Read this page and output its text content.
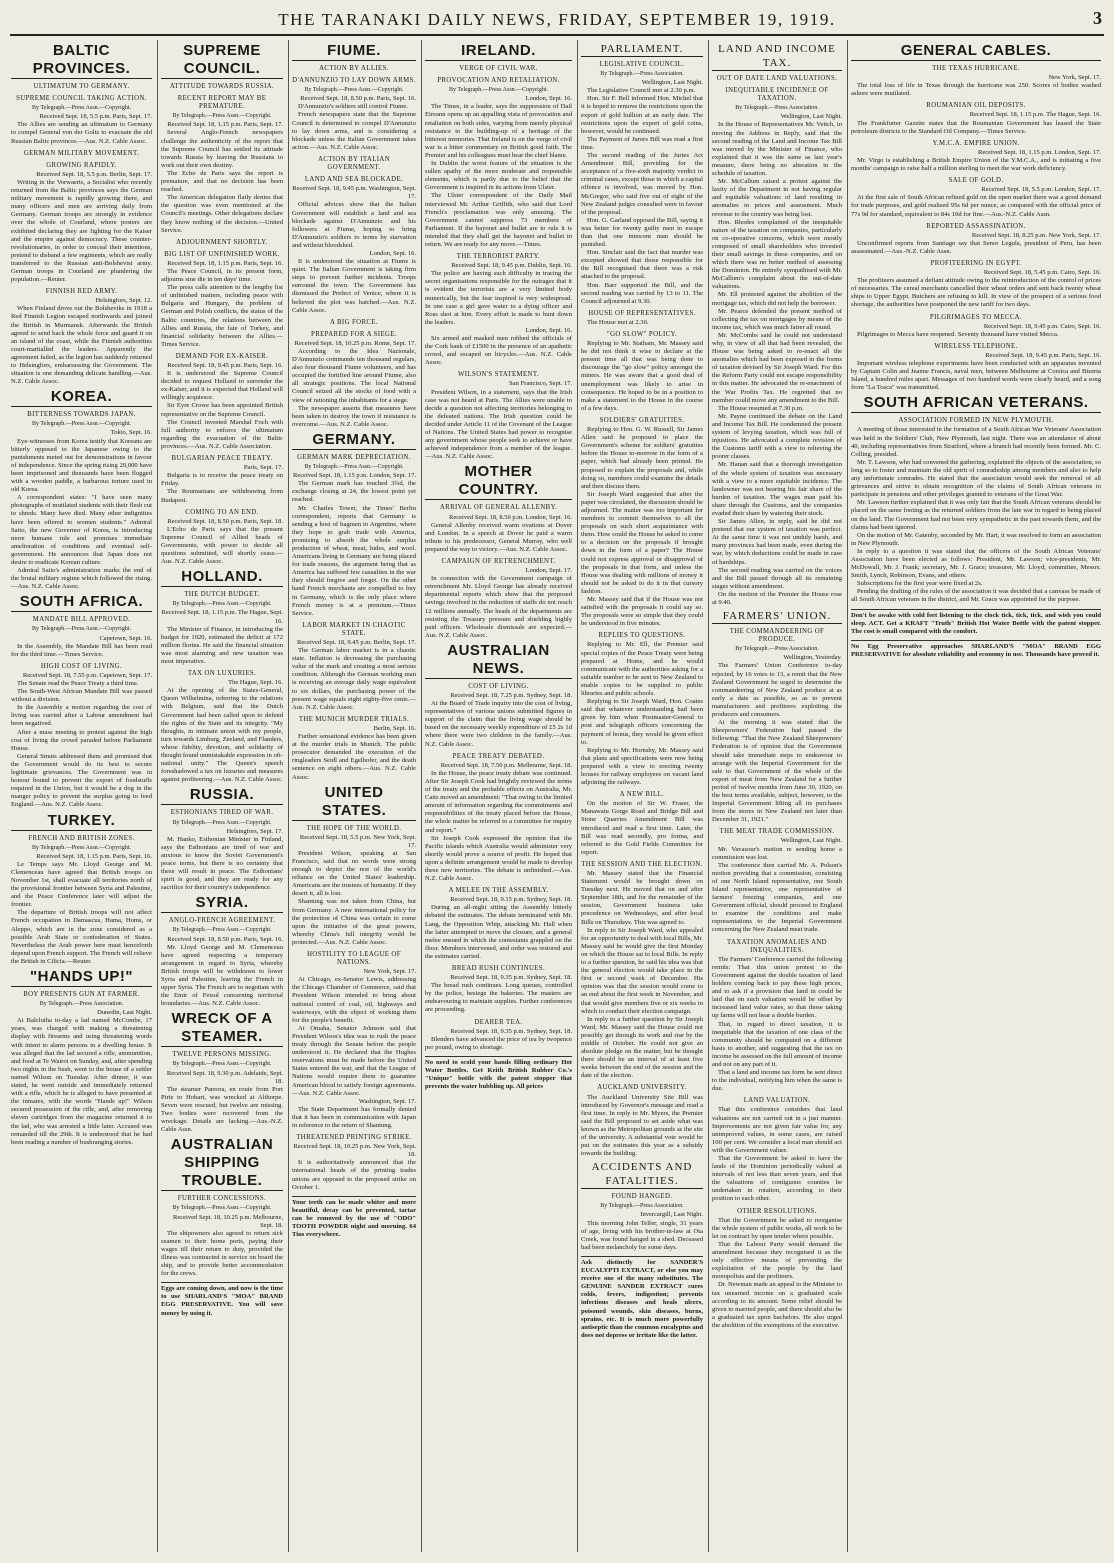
THE TARANAKI DAILY NEWS, FRIDAY, SEPTEMBER 19, 1919.	3
BALTIC PROVINCES.
ULTIMATUM TO GERMANY.
SUPREME COUNCIL TAKING ACTION.
By Telegraph.—Press Assn.—Copyright.
Received Sept. 18, 5.5 p.m. Paris, Sept. 17.

The Allies are sending an ultimatum to Germany to compel General von der Goltz to evacuate the old Russian Baltic provinces.—Aus. N.Z. Cable Assoc.

GERMAN MILITARY MOVEMENT.
GROWING RAPIDLY.
Received Sept. 18, 5.5 p.m. Berlin, Sept. 17.

Writing in the Vorwaerts, a Socialist who recently returned from the Baltic provinces says the German military movement is rapidly growing there, and many officers and men are arriving daily from Germany. German troops are strongly in evidence over the whole of Courland, where posters are exhibited declaring they are fighting for the Kaiser and the empire against democracy. These counter-revolutionaries, in order to conceal their intentions, pretend to disband a few regiments, which are really transferred to the Russian anti-Bolshevist army. German troops in Courland are plundering the population.—Reuter.

FINNISH RED ARMY.
Helsingfors, Sept. 12.

When Finland drove out the Bolsheviks in 1918 a Red Finnish Legion escaped northwards and joined the British in Murmansk. Afterwards the British agreed to send back the whole force and guard it on an island of the coast, while the Finnish authorities court-martialled the leaders. Apparently the agreement failed, as the legion has suddenly returned to Helsingfors, embarrassing the Government. The situation is one demanding delicate handling.—Aus. N.Z. Cable Assoc.

KOREA.
BITTERNESS TOWARDS JAPAN.
By Telegraph.—Press Assn.—Copyright.
Tokio, Sept. 16.

Eye-witnesses from Korea testify that Koreans are bitterly opposed to the Japanese owing to the punishments meted out for demonstrations in favour of independence. Since the spring rising 20,000 have been imprisoned and thousands have been flogged with a wooden paddle, a barbarous torture used in old Korea.

A correspondent states: "I have seen many photographs of mutilated students with their flesh cut to shreds. Many have died. Many other indignities have been offered to women students." Admiral Saito, the new Governor of Korea, is introducing more humane rule and promises immediate amelioration of conditions and eventual self-government. He announces that Japan does not desire to eradicate Korean culture.

Admiral Saito's administration marks the end of the brutal military regime which followed the rising.—Aus. N.Z. Cable Assoc.

SOUTH AFRICA.
MANDATE BILL APPROVED.
By Telegraph.—Press Assn.—Copyright.
Capetown, Sept. 16.

In the Assembly, the Mandate Bill has been read for the third time.—Times Service.

HIGH COST OF LIVING.
Received Sept. 18, 7.55 p.m. Capetown, Sept. 17.

The Senate read the Peace Treaty a third time.

The South-West African Mandate Bill was passed without a division.

In the Assembly a motion regarding the cost of living was carried after a Labour amendment had been negatived.

After a mass meeting to protest against the high cost of living the crowd paraded before Parliament House.

General Smuts addressed them and promised that the Government would do its best to secure legitimate grievances. The Government was in honour bound to prevent the export of foodstuffs required in the Union, but it would be a dog in the manger policy to prevent the surplus going to feed England.—Aus. N.Z. Cable Assoc.

TURKEY.
FRENCH AND BRITISH ZONES.
By Telegraph.—Press Assn.—Copyright.
Received Sept. 18, 1.15 p.m. Paris, Sept. 16.

Le Temps says Mr. Lloyd George and M. Clemenceau have agreed that British troops on November 1st, shall evacuate all territories north of the provisional frontier between Syria and Palestine, and the Peace Conference later will adjust the frontier.

The departure of British troops will not affect French occupation in Damascus, Hama, Homs, or Aleppo, which are in the zone considered as a possible Arab State or confederation of States. Nevertheless the Arab power here must henceforth depend upon French support. The French will relieve the British in Cilicia.—Reuter.

"HANDS UP!"
BOY PRESENTS GUN AT FARMER.
By Telegraph.—Press Association.
Dunedin, Last Night.

At Balclutha to-day a lad named McCombe, 17 years, was charged with making a threatening display with firearms and using threatening words with intent to alarm persons in a dwelling house. It was alleged that the lad secured a rifle, ammunition, and food at Te Wairoi on Sunday, and, after spending two nights in the bush, went to the house of a settler named Wilson on Tuesday. After dinner, it was stated, he went outside and immediately returned with a rifle, which he is alleged to have presented at the inmates, with the words "Hands up!" Wilson secured possession of the rifle, and, after removing eleven cartridges from the magazine returned it to the lad, who was arrested a little later. Accused was remanded till the 29th. It is understood that he had been reading a number of bushranging stories.

SUPREME COUNCIL.
ATTITUDE TOWARDS RUSSIA.
RECENT REPORT MAY BE PREMATURE.
By Telegraph.—Press Assn.—Copyright.
Received Sept. 18, 1.15 p.m. Paris, Sept. 17.

Several Anglo-French newspapers challenge the authenticity of the report that the Supreme Council has settled its attitude towards Russia by leaving the Russians to work out their own destiny.

The Echo de Paris says the report is premature, and that no decision has been reached.

The American delegation flatly denies that the question was even mentioned at the Council's meetings. Other delegations declare they know nothing of the decision.—United Service.

ADJOURNMENT SHORTLY.
BIG LIST OF UNFINISHED WORK.
Received Sept. 18, 1.15 p.m. Paris, Sept. 16.

The Peace Council, in its present form, adjourns sine die in ten days' time.

The press calls attention to the lengthy list of unfinished matters, including peace with Bulgaria and Hungary, the problem of German and Polish conflicts, the status of the Baltic countries, the relations between the Allies and Russia, the fate of Turkey, and financial solidarity between the Allies.—Times Service.

DEMAND FOR EX-KAISER.
Received Sept. 18, 9.45 p.m. Paris, Sept. 16.

It is understood the Supreme Council decided to request Holland to surrender the ex-Kaiser, and it is expected that Holland will willingly acquiesce.

Sir Eyre Crowe has been appointed British representative on the Supreme Council.

The Council invested Marshal Foch with full authority to enforce the ultimatum regarding the evacuation of the Baltic provinces.—Aus. N.Z. Cable Association.

BULGARIAN PEACE TREATY.
Paris, Sept. 17.

Bulgaria is to receive the peace treaty on Friday.

The Roumanians are withdrawing from Budapest.

COMING TO AN END.
Received Sept. 18, 8.50 p.m. Paris, Sept. 18.

L'Echo de Paris says that the present Supreme Council of Allied heads of Governments, with power to decide all questions submitted, will shortly cease.—Aus. N.Z. Cable Assoc.

HOLLAND.
THE DUTCH BUDGET.
By Telegraph.—Press Assn.—Copyright.
Received Sept. 18, 1.15 p.m. The Hague, Sept. 16.

The Minister of Finance, in introducing the budget for 1920, estimated the deficit at 172 million florins. He said the financial situation was most alarming and new taxation was most imperative.

TAX ON LUXURIES.
The Hague, Sept. 16.

At the opening of the States-General, Queen Wilhelmina, referring to the relations with Belgium, said that the Dutch Government had been called upon to defend the rights of the State and its integrity. "My thoughts, in intimate union with my people, turn towards Limburg, Zeeland, and Flanders, whose fidelity, devotion, and solidarity of thought found unmistakable expression in oft-national unity." The Queen's speech foreshadowed a tax on luxuries and measures against profiteering.—Aus. N.Z. Cable Assoc.

RUSSIA.
ESTHONIANS TIRED OF WAR.
By Telegraph.—Press Assn.—Copyright.
Helsingfors, Sept. 17.

M. Hanko, Esthonian Minister in Finland, says the Esthonians are tired of war and anxious to know the Soviet Government's peace terms, but there is no certainty that these will result in peace. The Esthonians' spirit is good, and they are ready for any sacrifice for their country's independence.

SYRIA.
ANGLO-FRENCH AGREEMENT.
By Telegraph.—Press Assn.—Copyright.
Received Sept. 18, 8.50 p.m. Paris, Sept. 16.

Mr. Lloyd George and M. Clemenceau have agreed respecting a temporary arrangement in regard to Syria, whereby British troops will be withdrawn to lower Syria and Palestine, leaving the French in upper Syria. The French are to negotiate with the Emir of Feisul concerning territorial boundaries.—Aus. N.Z. Cable Assoc.

WRECK OF A STEAMER.
TWELVE PERSONS MISSING.
By Telegraph.—Press Assn.—Copyright.
Received Sept. 18, 9.30 p.m. Adelaide, Sept. 18.

The steamer Pareora, en route from Port Pirie to Hobart, was wrecked at Althorpe. Seven were rescued, but twelve are missing. Two bodies were recovered from the wreckage. Details are lacking.—Aus.-N.Z. Cable Assn.

AUSTRALIAN SHIPPING TROUBLE.
FURTHER CONCESSIONS.
By Telegraph.—Press Assn.—Copyright.
Received Sept. 18, 10.25 p.m. Melbourne, Sept. 18.

The shipowners also agreed to return sick seamen to their home ports, paying their wages till their return to duty, provided the illness was contracted in service on board the ship, and to provide better accommodation for the crews.

Eggs are coming down, and now is the time to use SHARLAND'S "MOA" BRAND EGG PRESERVATIVE. You will save money by using it.
FIUME.
ACTION BY ALLIES.
D'ANNUNZIO TO LAY DOWN ARMS.
By Telegraph.—Press Assn.—Copyright.
Received Sept. 18, 8.50 p.m. Paris, Sept. 16.

D'Annunzio's soldiers still control Fiume.

French newspapers state that the Supreme Council is determined to compel D'Annunzio to lay down arms, and is considering a blockade unless the Italian Government takes action.—Aus. N.Z. Cable Assoc.

ACTION BY ITALIAN GOVERNMENT.
LAND AND SEA BLOCKADE.
Received Sept. 18, 9.45 p.m. Washington, Sept. 17.

Official advices show that the Italian Government will establish a land and sea blockade against D'Annunzio and his followers at Fiume, hoping to bring D'Annunzio's soldiers to terms by starvation and without bloodshed.

London, Sept. 16.

It is understood the situation at Fiume is quiet. The Italian Government is taking firm steps to prevent further incidents. Troops surround the town. The Government has dismissed the Prefect of Venice, where it is believed the plot was hatched.—Aus. N.Z. Cable Assoc.

A BIG FORCE.
PREPARED FOR A SIEGE.
Received Sept. 18, 10.25 p.m. Rome, Sept. 17.

According to the Idea Nazionale, D'Annunzio commands ten thousand regulars, also four thousand Fiume volunteers, and has occupied the fortified line around Fiume, also all strategic positions. The local National Council seized all the stocks of food with a view of rationing the inhabitants for a siege.

The newspaper asserts that measures have been taken to destroy the town if resistance is overcome.—Aus. N.Z. Cable Assoc.

GERMANY.
GERMAN MARK DEPRECIATION.
By Telegraph.—Press Assn.—Copyright.
Received Sept. 18, 1.15 p.m. London, Sept. 17.

The German mark has touched 3¾d, the exchange closing at 24, the lowest point yet reached.

Mr. Charles Tower, the Times' Berlin correspondent, reports that Germany is sending a host of bagmen to Argentine, where they hope to grab trade with America, promising to absorb the whole surplus production of wheat, meat, hides, and wool. Americans living in Germany are being placed for trade reasons, the argument being that as America has suffered few casualties in the war they should forgive and forget. On the other hand French merchants are compelled to buy in Germany, which is the only place where French money is at a premium.—Times Service.

LABOR MARKET IN CHAOTIC STATE.
Received Sept. 18, 9.45 p.m. Berlin, Sept. 17.

The German labor market is in a chaotic state. Inflation is decreasing the purchasing value of the mark and creating a most serious condition. Although the German working man is receiving an average daily wage equivalent to six dollars, the purchasing power of the present wage equals eight eighty-five cents.—Aus. N.Z. Cable Assoc.

THE MUNICH MURDER TRIALS.
Berlin, Sept. 16.

Further sensational evidence has been given at the murder trials in Munich. The public prosecutor demanded the execution of the ringleaders Seidl and Egelhofer, and the death sentence on eight others.—Aus. N.Z. Cable Assoc.

UNITED STATES.
THE HOPE OF THE WORLD.
Received Sept. 18, 5.5 p.m. New York, Sept. 17.

President Wilson, speaking at San Francisco, said that no words were strong enough to depict the rest of the world's reliance on the United States' leadership. Americans are the trustees of humanity. If they desert it, all is lost.

Shantung was not taken from China, but from Germany. A new international policy for the protection of China was certain to come upon the initiative of the great powers, whereby China's full integrity would be protected.—Aus. N.Z. Cable Assoc.

HOSTILITY TO LEAGUE OF NATIONS.
New York, Sept. 17.

At Chicago, ex-Senator Lewis, addressing the Chicago Chamber of Commerce, said that President Wilson intended to bring about national control of coal, oil, highways and waterways, with the object of working them for the people's benefit.

At Omaha, Senator Johnson said that President Wilson's idea was to rush the peace treaty through the Senate before the people understood it. He declared that the Hughes reservations must be made before the United States entered the war, and that the League of Nations would require them to guarantee American blood to satisfy foreign agreements.—Aus. N.Z. Cable Assoc.

Washington, Sept. 17.

The State Department has formally denied that it has been in communication with Japan in reference to the return of Shantung.

THREATENED PRINTING STRIKE.
Received Sept. 18, 10.25 p.m. New York, Sept. 18.

It is authoritatively announced that the international heads of the printing trades unions are opposed to the proposed strike on October 1.

Your teeth can be made whiter and more beautiful, decay can be prevented, tartar can be removed by the use of "ODO" TOOTH POWDER night and morning. 64 Tins everywhere.
IRELAND.
VERGE OF CIVIL WAR.
PROVOCATION AND RETALIATION.
By Telegraph.—Press Assn.—Copyright.
London, Sept. 16.

The Times, in a leader, says the suppression of Dail Eireann opens up an appalling vista of provocation and retaliation on both sides, varying from merely physical resistance to the building-up of a heritage of the bitterest memories. That Ireland is on the verge of civil war is a bitter commentary on British good faith. The Premier and his colleagues must bear the chief blame.

In Dublin the worst feature of the situation is the sullen apathy of the more moderate and responsible elements, which is partly due to the belief that the Government is inspired in its actions from Ulster.

The Ulster correspondent of the Daily Mail interviewed Mr. Arthur Griffith, who said that Lord French's proclamation was only amusing. The Government cannot suppress 73 members of Parliament. If the bayonet and bullet are to rule it is intended that they shall get the bayonet and bullet in return. We are ready for any move.—Times.

THE TERRORIST PARTY.
Received Sept. 18, 9.45 p.m. Dublin, Sept. 16.

The police are having such difficulty in tracing the secret organisations responsible for the outrages that it is evident the terrorists are a very limited body numerically, but the fear inspired is very widespread. In one case a girl gave water to a dying officer and Ross shot at him. Every effort is made to hunt down the leaders.

London, Sept. 16.

Six armed and masked men robbed the officials of the Cork bank of £1500 in the presence of an apathetic crowd, and escaped on bicycles.—Aus. N.Z. Cable Assoc.

WILSON'S STATEMENT.
San Francisco, Sept. 17.

President Wilson, in a statement, says that the Irish case was not heard at Paris. The Allies were unable to decide a question not affecting territories belonging to the defeated nations. The Irish question could be decided under Article 11 of the Covenant of the League of Nations. The United States had power to recognise any government whose people seek to achieve or have achieved independence from a member of the league.—Aus. N.Z. Cable Assoc.

MOTHER COUNTRY.
ARRIVAL OF GENERAL ALLENBY.
Received Sept. 18, 8.50 p.m. London, Sept. 16.

General Allenby received warm ovations at Dover and London. In a speech at Dover he paid a warm tribute to his predecessor, General Murray, who well prepared the way to victory.—Aus. N.Z. Cable Assoc.

CAMPAIGN OF RETRENCHMENT.
London, Sept. 17.

In connection with the Government campaign of retrenchment Mr. Lloyd George has already received departmental reports which show that the proposed savings involved in the reduction of staffs do not reach 12 millions annually. The heads of the departments are resisting the Treasury pressure and shielding highly paid officers. Wholesale dismissals are expected.—Aus. N.Z. Cable Assoc.

AUSTRALIAN NEWS.
COST OF LIVING.
Received Sept. 18, 7.25 p.m. Sydney, Sept. 18.

At the Board of Trade inquiry into the cost of living, representatives of various unions submitted figures in support of the claim that the living wage should be based on the necessary weekly expenditure of £5 2s 1d where there were two children in the family.—Aus. N.Z. Cable Assoc.

PEACE TREATY DEBATED.
Received Sept. 18, 7.50 p.m. Melbourne, Sept. 18.

In the House, the peace treaty debate was continued. After Sir Joseph Cook had brightly reviewed the terms of the treaty and the probable effects on Australia, Mr. Catts moved an amendment: "That owing to the limited amount of information regarding the commitments and responsibilities of the treaty placed before the House, the whole matter be referred to a committee for inquiry and report."

Sir Joseph Cook expressed the opinion that the Pacific islands which Australia would administer very shortly would prove a source of profit. He hoped that upon a definite arrangement would be made to develop these new territories. The debate is unfinished.—Aus. N.Z. Cable Assoc.

A MELEE IN THE ASSEMBLY.
Received Sept. 18, 9.15 p.m. Sydney, Sept. 18.

During an all-night sitting the Assembly bitterly debated the estimates. The debate terminated with Mr. Lang, the Opposition Whip, attacking Mr. Hall when the latter attempted to move the closure, and a general melee ensued in which the contestants grappled on the floor. Members intervened, and order was restored and the estimates carried.

BREAD RUSH CONTINUES.
Received Sept. 18, 9.35 p.m. Sydney, Sept. 18.

The bread rush continues. Long queues, controlled by the police, besiege the bakeries. The masters are endeavouring to maintain supplies. Further conferences are proceeding.

DEARER TEA.
Received Sept. 18, 9.35 p.m. Sydney, Sept. 18.

Blenders have advanced the price of tea by twopence per pound, owing to shortage.

No need to scold your hands filling ordinary Hot Water Bottles. Get Keith British Rubber Co.'s "Unique" bottle with the patent stopper that prevents the water bubbling up. All prices
PARLIAMENT.
LEGISLATIVE COUNCIL.
By Telegraph.—Press Association.
Wellington, Last Night.

The Legislative Council met at 2.30 p.m.

Hon. Sir F. Bell informed Hon. Michel that it is hoped to remove the restrictions upon the export of gold bullion at an early date. The restrictions upon the export of gold coins, however, would be continued.

The Payment of Jurors Bill was read a first time.

The second reading of the Juries Act Amendment Bill, providing for the acceptance of a five-sixth majority verdict in criminal cases, except those in which a capital offence is involved, was moved by Hon. McGregor, who said five out of eight of the New Zealand judges consulted were in favour of the proposal.

Hon. G. Garland opposed the Bill, saying it was better for twenty guilty men to escape than that one innocent man should be punished.

Hon. Sinclair said the fact that murder was excepted showed that those responsible for the Bill recognised that there was a risk attached to the proposal.

Hon. Barr supported the Bill, and the second reading was carried by 13 to 11. The Council adjourned at 9.30.

HOUSE OF REPRESENTATIVES.

The House met at 2.30.

"GO SLOW" POLICY.

Replying to Mr. Statham, Mr. Massey said he did not think it wise to declare at the present time all that was being done to discourage the "go slow" policy amongst the miners. He was aware that a good deal of unemployment was likely to arise in consequence. He hoped to be in a position to make a statement to the House in the course of a few days.

SOLDIERS' GRATUITIES.

Replying to Hon. G. W. Russell, Sir James Allen said he proposed to place the Government's scheme for soldiers' gratuities before the House to-morrow in the form of a paper, which had already been printed. He proposed to explain the proposals and, while doing so, members could examine the details and then discuss them.

Sir Joseph Ward suggested that after the paper was circulated, the discussion should be adjourned. The matter was too important for members to commit themselves to all the proposals on such short acquaintance with them. How could the House be asked to come to a decision on the proposals if brought down in the form of a paper? The House could not express approval or disapproval of the proposals in that form, and unless the House was dealing with millions of money it should not be asked to do it in that cursory fashion.

Mr. Massey said that if the House was not satisfied with the proposals it could say so. The proposals were so simple that they could be understood in five minutes.

REPLIES TO QUESTIONS.

Replying to Mr. Ell, the Premier said special copies of the Peace Treaty were being prepared at Home, and he would communicate with the authorities asking for a suitable number to be sent to New Zealand to enable copies to be supplied to public libraries and public schools.

Replying to Sir Joseph Ward, Hon. Coates said that whatever understanding had been given by him when Postmaster-General to post and telegraph officers concerning the payment of bonus, they would be given effect to.

Replying to Mr. Hornsby, Mr. Massey said that plans and specifications were now being prepared with a view to erecting twenty houses for railway employees on vacant land adjoining the railways.

A NEW BILL.

On the motion of Sir W. Fraser, the Manawatu Gorge Road and Bridge Bill and Stone Quarries Amendment Bill was introduced and read a first time. Later, the Bill was read secondly, pro forma, and referred to the Gold Fields Committee for report.

THE SESSION AND THE ELECTION.

Mr. Massey stated that the Financial Statement would be brought down on Tuesday next. He moved that on and after September 18th, and for the remainder of the session, Government business take precedence on Wednesdays, and after local Bills on Thursdays. This was agreed to.

In reply to Sir Joseph Ward, who appealed for an opportunity to deal with local Bills, Mr. Massey said he would give the first Monday on which the House sat to local Bills. In reply to a further question, he said his idea was that the general election would take place in the first or second week of December. His opinion was that the session would come to an end about the first week in November, and that would give members five or six weeks in which to conduct their election campaign.

In reply to a further question by Sir Joseph Ward, Mr. Massey said the House could not possibly get through its work and rise by the middle of October. He could not give an absolute pledge on the matter, but he thought there should be an interval of at least five weeks between the end of the session and the date of the election.

AUCKLAND UNIVERSITY.

The Auckland University Site Bill was introduced by Governor's message and read a first time. In reply to Mr. Myers, the Premier said the Bill proposed to set aside what was known as the Metropolitan grounds as the site of the university. A substantial vote would be put on the estimates this year as a subsidy towards the building.

ACCIDENTS AND FATALITIES.
FOUND HANGED.
By Telegraph.—Press Association.
Invercargill, Last Night.

This morning John Telfer, single, 31 years of age, living with his brother-in-law at Ota Creek, was found hanged in a shed. Deceased had been melancholy for some days.

Ask distinctly for SANDER'S EUCALYPTI EXTRACT, or else you may receive one of the many substitutes. The GENUINE SANDER EXTRACT cures colds, fevers, indigestion; prevents infectious diseases and heals ulcers, poisoned wounds, skin diseases, burns, sprains, etc. It is much more powerfully antiseptic than the common eucalyptus and does not depress or irritate like the latter.
LAND AND INCOME TAX.
OUT OF DATE LAND VALUATIONS.
INEQUITABLE INCIDENCE OF TAXATION.
By Telegraph.—Press Association.
Wellington, Last Night.

In the House of Representatives Mr. Veitch, in moving the Address in Reply, said that the second reading of the Land and Income Tax Bill was moved by the Minister of Finance, who explained that it was the same as last year's measure, there being no alteration in the schedule of taxation.

Mr. McCallum raised a protest against the laxity of the Department in not having regular and equitable valuations of land resulting in anomalies in prices and assessment. Much revenue to the country was being lost.

Hon. Rhodes complained of the inequitable nature of the taxation on companies, particularly on co-operative concerns, which were mostly composed of small shareholders who invested their small savings in these companies, and on which there was no better method of assessing the Dominion. He entirely sympathised with Mr. McCallum's complaint about the out-of-date valuations.

Mr. Ell protested against the abolition of the mortgage tax, which did not help the borrower.

Mr. Pearce defended the present method of collecting the tax on mortgages by means of the income tax, which was much fairer all round.

Mr. McCombs said he could not understand why, in view of all that had been revealed, the House was being asked to re-enact all the anomalies which had been exposed in the forms of taxation devised by Sir Joseph Ward. For this the Reform Party could not escape responsibility in this matter. He advocated the re-enactment of the War Profits Tax. He regretted that no member could move any amendment to the Bill.

The House resumed at 7.30 p.m.

Mr. Payne continued the debate on the Land and Income Tax Bill. He condemned the present system of levying taxation, which was full of injustices. He advocated a complete revision of the Customs tariff with a view to relieving the poorer classes.

Mr. Hanan said that a thorough investigation of the whole system of taxation was necessary with a view to a more equitable incidence. The landowner was not bearing his fair share of the burden of taxation. The wages man paid his share through the Customs, and the companies evaded their share by watering their stock.

Sir James Allen, in reply, said he did not pretend that our system of taxation was perfect. At the same time it was not unduly harsh, and many provinces had been made, even during the war, by which deductions could be made in case of hardships.

The second reading was carried on the voices and the Bill passed through all its remaining stages without amendment.

On the motion of the Premier the House rose at 9.40.

FARMERS' UNION.
THE COMMANDEERING OF PRODUCE.
By Telegraph.—Press Association.
Wellington, Yesterday.

The Farmers' Union Conference to-day rejected, by 16 votes to 13, a remit that the New Zealand Government be urged to determine the commandeering of New Zealand produce at as early a date as possible, so as to prevent manufacturers and profiteers exploiting the producers and consumers.

At the morning it was stated that the Sheepowners' Federation had passed the following: "That the New Zealand Sheepowners' Federation is of opinion that the Government should take immediate steps to endeavour to arrange with the Imperial Government for the sale to that Government of the whole of the export of meat from New Zealand for a further period of twelve months from June 30, 1920, on the best terms available, subject, however, to the Imperial Government lifting all its purchases from the stores in New Zealand not later than December 31, 1921."

THE MEAT TRADE COMMISSION.
Wellington, Last Night.

Mr. Vavasour's motion re sending home a commission was lost.

The conference then carried Mr. A. Polson's motion providing that a commission, consisting of one North Island representative, one South Island representative, one representative of farmers' freezing companies, and one Government official, should proceed to England to examine the conditions and make representations to the Imperial Government concerning the New Zealand meat trade.

TAXATION ANOMALIES AND INEQUALITIES.

The Farmers' Conference carried the following remits: That this union protest to the Government against the double taxation of land holders coming back to pay these high prices, and to ask if a provision that land in could be laid that on such valuation would be offset by increased land value rates, so that those taking up farms will not bear a double burden.

That, in regard to direct taxation, it is inequitable that the taxation of one class of the community should be computed on a different basis to another, and suggesting that the tax on income be assessed on the full amount of income and not on any part of it.

That a land and income tax form be sent direct to the individual, notifying him when the same is due.

LAND VALUATION.

That this conference considers that land valuations are not carried out in a just manner. Improvements are not given fair value for, any unimproved values, in some cases, are raised 100 per cent. We consider a local man should act with the Government valuer.

That the Government be asked to have the lands of the Dominion periodically valued at intervals of not less than seven years, and that the valuations of contiguous counties be undertaken in rotation, according to their position to each other.

OTHER RESOLUTIONS.

That the Government be asked to reorganise the whole system of public works, all work to be let on contract by open tender where possible.

That the Labour Party would demand the amendment because they recognised it as the only effective means of preventing the exploitation of the people by the land monopolists and the profiteers.

Dr. Newman made an appeal to the Minister to tax unearned income on a graduated scale according to its amount. Some relief should be given to married people, and there should also be a graduated tax upon bachelors. He also urged the abolition of the exemptions of the executive.

GENERAL CABLES.
THE TEXAS HURRICANE.
New York, Sept. 17.

The total loss of life in Texas through the hurricane was 250. Scores of bodies washed ashore were mutilated.

ROUMANIAN OIL DEPOSITS.
Received Sept. 18, 1.15 p.m. The Hague, Sept. 16.

The Frankfurter Gazette states that the Roumanian Government has leased the State petroleum districts to the Standard Oil Company.—Times Service.

Y.M.C.A. EMPIRE UNION.
Received Sept. 18, 1.15 p.m. London, Sept. 17.

Mr. Virgo is establishing a British Empire Union of the Y.M.C.A., and is initiating a five months' campaign to raise half a million sterling to meet the war work deficiency.

SALE OF GOLD.
Received Sept. 18, 5.5 p.m. London, Sept. 17.

At the first sale of South African refined gold on the open market there was a good demand for trade purposes, and gold realised 95s 6d per ounce, as compared with the official price of 77s 9d for standard, equivalent to 84s 10d for fine.—Aus.-N.Z. Cable Assn.

REPORTED ASSASSINATION.
Received Sept. 18, 8.25 p.m. New York, Sept. 17.

Unconfirmed reports from Santiago say that Senor Legula, president of Peru, has been assassinated.—Aus.-N.Z. Cable Assn.

PROFITEERING IN EGYPT.
Received Sept. 18, 5.45 p.m. Cairo, Sept. 16.

The profiteers assumed a defiant attitude owing to the reintroduction of the control of prices of necessaries. The cereal merchants cancelled their wheat orders and sent back twenty wheat ships to Upper Egypt. Butchers are refusing to kill. In view of the prospect of a serious food shortage, the authorities have postponed the new tariff for two days.

PILGRIMAGES TO MECCA.
Received Sept. 18, 9.45 p.m. Cairo, Sept. 16.

Pilgrimages to Mecca have reopened. Seventy thousand have visited Mecca.

WIRELESS TELEPHONE.
Received Sept. 18, 9.45 p.m. Paris, Sept. 16.

Important wireless telephone experiments have been conducted with an apparatus invented by Captain Colin and Jeanne Francis, naval men, between Melbourne at Corsica and Bizerta Island, a hundred miles apart. Messages of two hundred words were clearly heard, and a song from "La Tosca" was transmitted.

SOUTH AFRICAN VETERANS.
ASSOCIATION FORMED IN NEW PLYMOUTH.

A meeting of those interested in the formation of a South African War Veterans' Association was held in the Soldiers' Club, New Plymouth, last night. There was an attendance of about 40, including representatives from Stratford, where a branch had recently been formed. Mr. C. Colling, presided.

Mr. T. Lawson, who had convened the gathering, explained the objects of the association, so long so to foster and maintain the old spirit of comradeship among members and also to help any unfortunate comrades. He stated that the association would seek the removal of all grievances and strive to obtain recognition of the claims of South African veterans to participate in pensions and other privileges granted to veterans of the Great War.

Mr. Lawson further explained that it was only fair that the South African veterans should be placed on the same footing as the returned soldiers from the late war in regard to being placed on the land. The Government had not been very sympathetic in the past towards them, and the claims had been ignored.

On the motion of Mr. Gatenby, seconded by Mr. Hart, it was resolved to form an association in New Plymouth.

In reply to a question it was stated that the officers of the South African Veterans' Association have been elected as follows: President, Mr. Lawson; vice-presidents, Mr. McDowall, Mr. J. Frank; secretary, Mr. J. Grace; treasurer, Mr. Lloyd; committee, Messrs. Smith, Lynch, Robinson, Evans, and others.

Subscriptions for the first year were fixed at 2s.

Pending the drafting of the rules of the association it was decided that a canvass be made of all South African veterans in the district, and Mr. Grace was appointed for the purpose.

Don't be awake with cold feet listening to the clock tick, tick, tick, and wish you could sleep. ACT. Get a KRAFT "Truth" British Hot Water Bottle with the patent stopper. The cost is small compared with the comfort.
No Egg Preservative approaches SHARLAND'S "MOA" BRAND EGG PRESERVATIVE for absolute reliability and economy in use. Thousands have proved it.
